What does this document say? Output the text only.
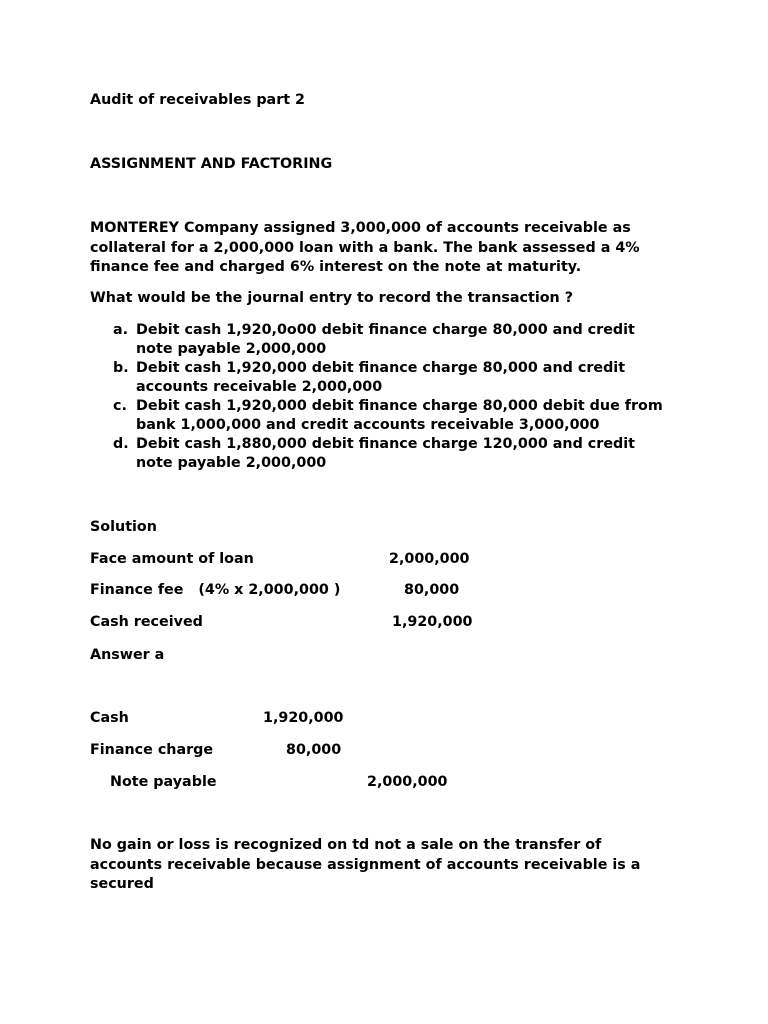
Audit of receivables part 2
ASSIGNMENT AND FACTORING
MONTEREY Company assigned 3,000,000 of accounts receivable as collateral for a 2,000,000 loan with a bank. The bank assessed a 4% finance fee and charged 6% interest on the note at maturity.
What would be the journal entry to record the transaction ?
a. Debit cash 1,920,0o00 debit finance charge 80,000 and credit note payable 2,000,000
b. Debit cash 1,920,000 debit finance charge 80,000 and credit accounts receivable 2,000,000
c. Debit cash 1,920,000 debit finance charge 80,000 debit due from bank 1,000,000 and credit accounts receivable 3,000,000
d. Debit cash 1,880,000 debit finance charge 120,000 and credit note payable 2,000,000
Solution
Face amount of loan	2,000,000
Finance fee   (4% x 2,000,000 )	80,000
Cash received	1,920,000
Answer a
Cash	1,920,000
Finance charge	80,000
Note payable	2,000,000
No gain or loss is recognized on td not a sale on the transfer of accounts receivable because assignment of accounts receivable is a secured
